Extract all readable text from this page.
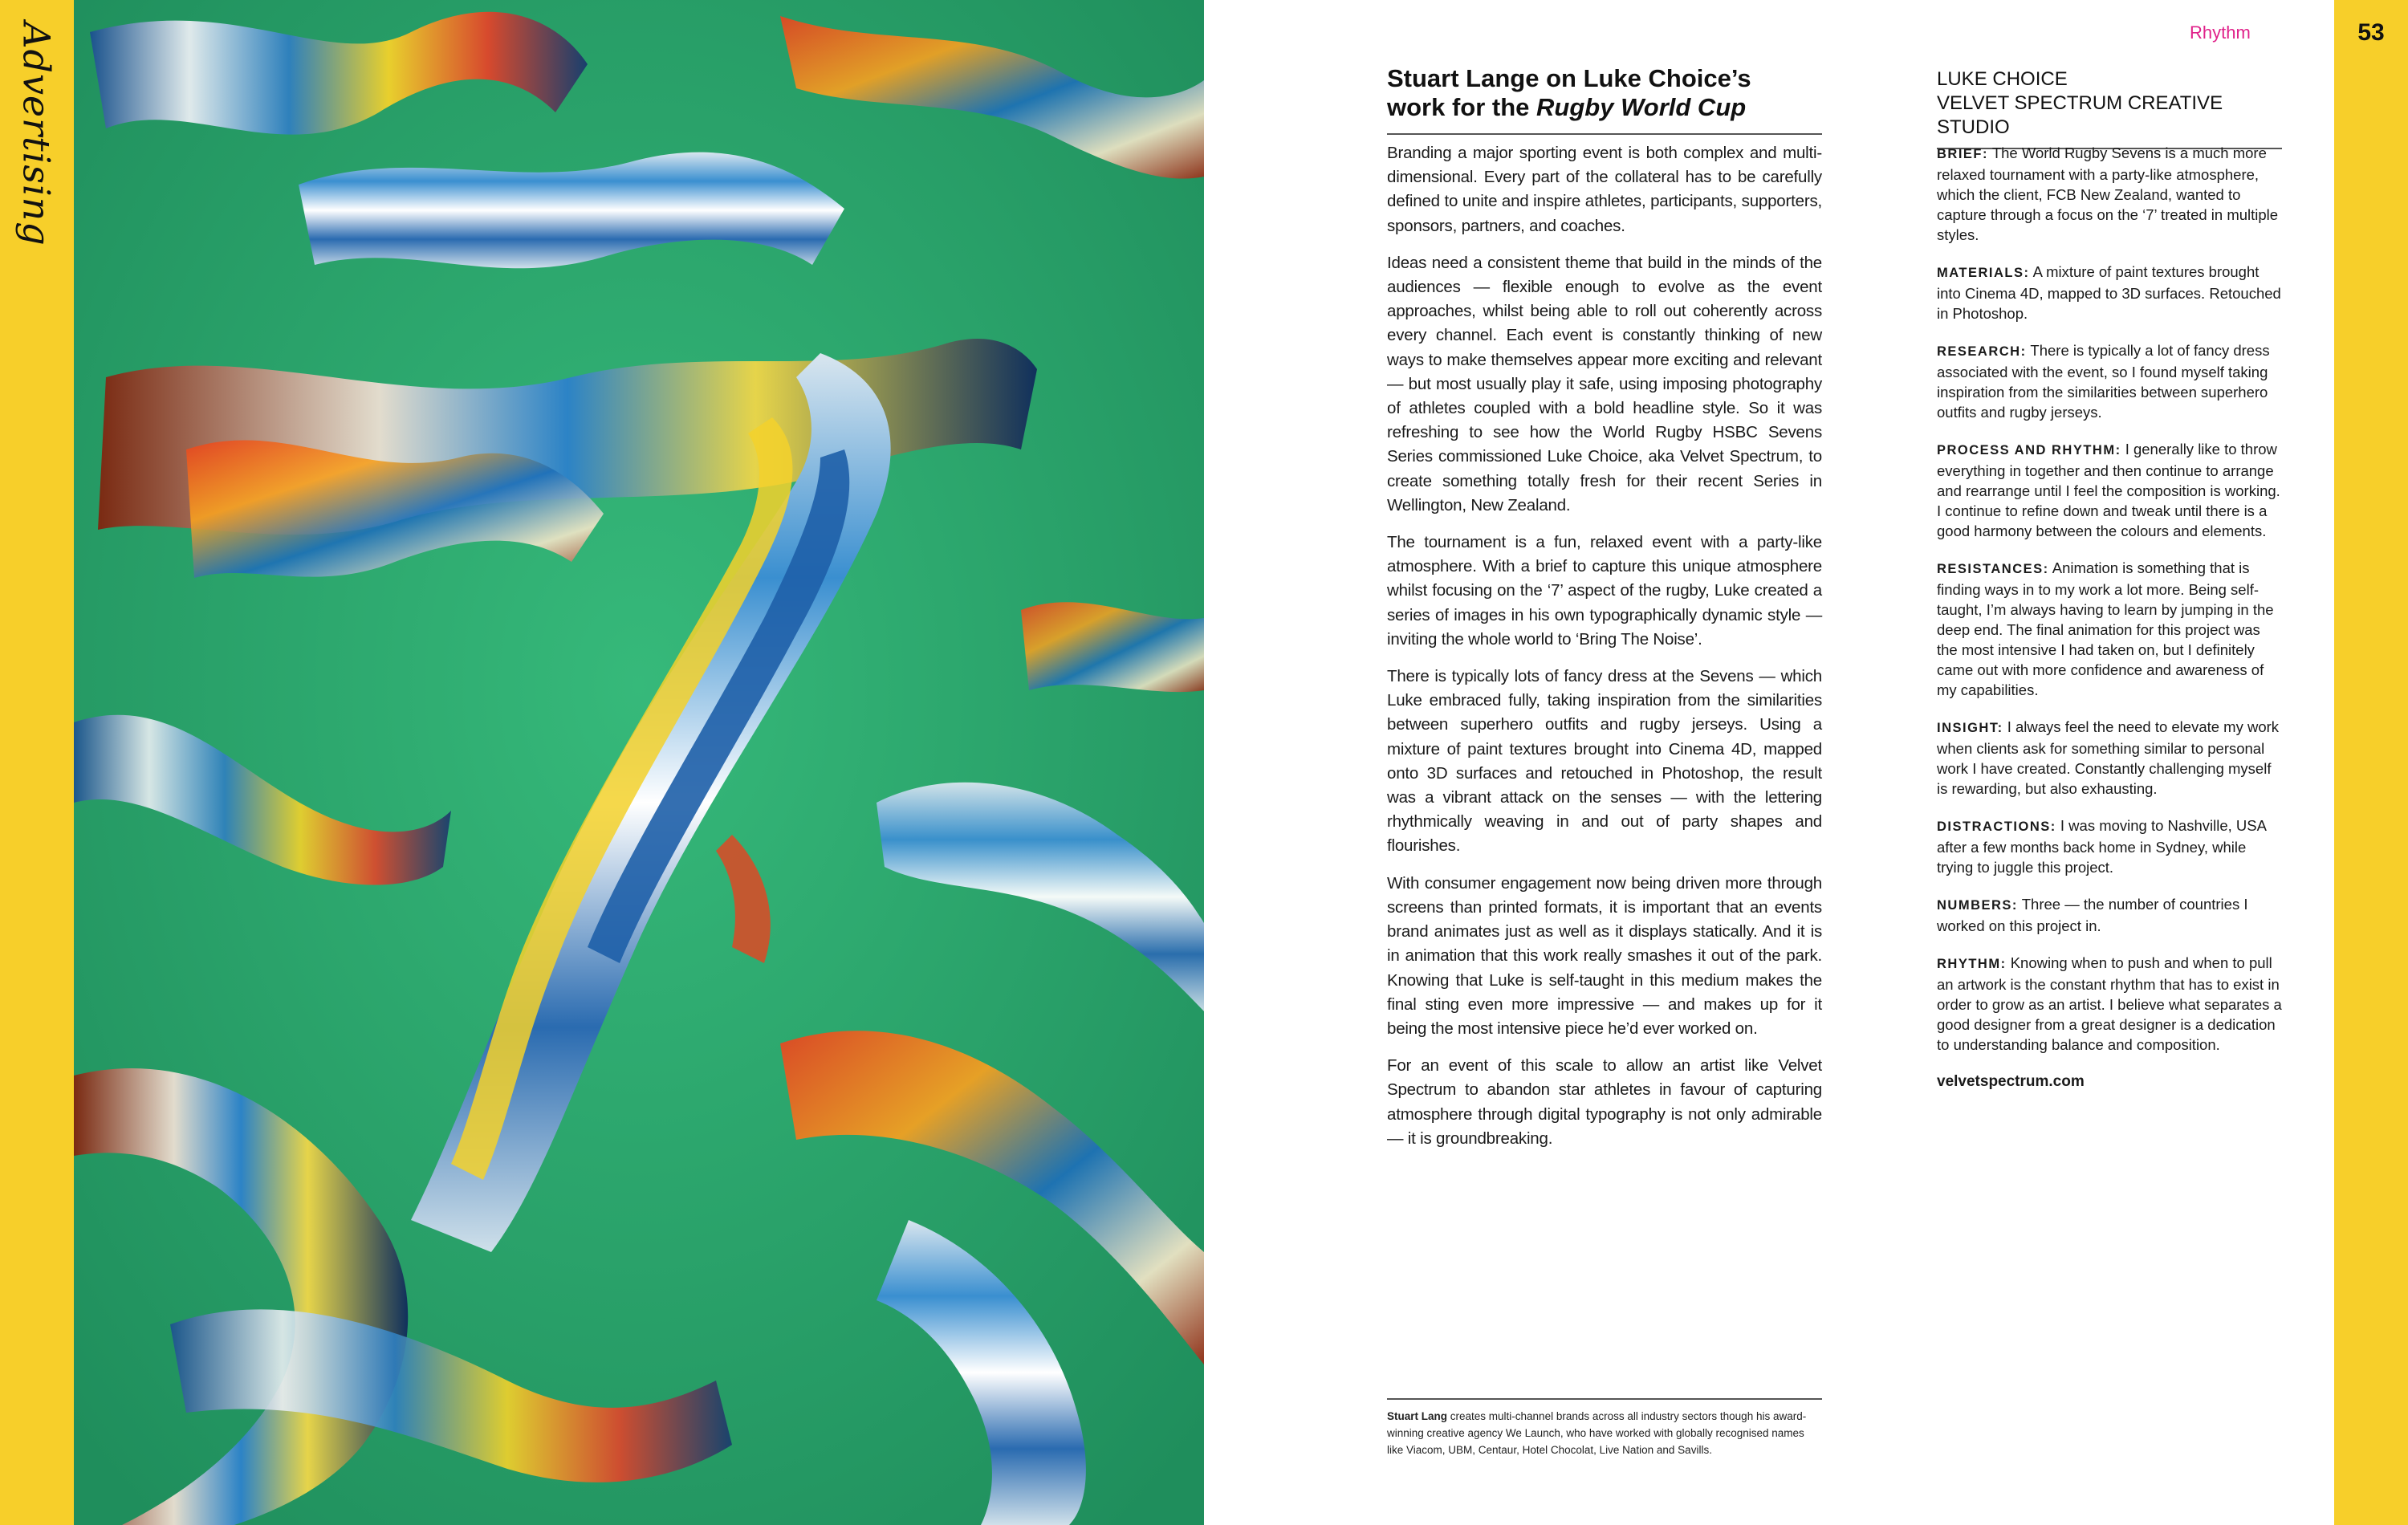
Advertising	Rhythm	53
Stuart Lange on Luke Choice’s
work for the Rugby World Cup

Branding a major sporting event is both complex and multi-dimensional. Every part of the collateral has to be carefully defined to unite and inspire athletes, participants, supporters, sponsors, partners, and coaches.

Ideas need a consistent theme that build in the minds of the audiences — flexible enough to evolve as the event approaches, whilst being able to roll out coherently across every channel. Each event is constantly thinking of new ways to make themselves appear more exciting and relevant — but most usually play it safe, using imposing photography of athletes coupled with a bold headline style. So it was refreshing to see how the World Rugby HSBC Sevens Series commissioned Luke Choice, aka Velvet Spectrum, to create something totally fresh for their recent Series in Wellington, New Zealand.

The tournament is a fun, relaxed event with a party-like atmosphere. With a brief to capture this unique atmosphere whilst focusing on the ‘7’ aspect of the rugby, Luke created a series of images in his own typographically dynamic style — inviting the whole world to ‘Bring The Noise’.

There is typically lots of fancy dress at the Sevens — which Luke embraced fully, taking inspiration from the similarities between superhero outfits and rugby jerseys. Using a mixture of paint textures brought into Cinema 4D, mapped onto 3D surfaces and retouched in Photoshop, the result was a vibrant attack on the senses — with the lettering rhythmically weaving in and out of party shapes and flourishes.

With consumer engagement now being driven more through screens than printed formats, it is important that an events brand animates just as well as it displays statically. And it is in animation that this work really smashes it out of the park. Knowing that Luke is self-taught in this medium makes the final sting even more impressive — and makes up for it being the most intensive piece he’d ever worked on.

For an event of this scale to allow an artist like Velvet Spectrum to abandon star athletes in favour of capturing atmosphere through digital typography is not only admirable — it is groundbreaking.

LUKE CHOICE
VELVET SPECTRUM CREATIVE STUDIO

BRIEF: The World Rugby Sevens is a much more relaxed tournament with a party-like atmosphere, which the client, FCB New Zealand, wanted to capture through a focus on the ‘7’ treated in multiple styles.

MATERIALS: A mixture of paint textures brought into Cinema 4D, mapped to 3D surfaces. Retouched in Photoshop.

RESEARCH: There is typically a lot of fancy dress associated with the event, so I found myself taking inspiration from the similarities between superhero outfits and rugby jerseys.

PROCESS AND RHYTHM: I generally like to throw everything in together and then continue to arrange and rearrange until I feel the composition is working. I continue to refine down and tweak until there is a good harmony between the colours and elements.

RESISTANCES: Animation is something that is finding ways in to my work a lot more. Being self-taught, I’m always having to learn by jumping in the deep end. The final animation for this project was the most intensive I had taken on, but I definitely came out with more confidence and awareness of my capabilities.

INSIGHT: I always feel the need to elevate my work when clients ask for something similar to personal work I have created. Constantly challenging myself is rewarding, but also exhausting.

DISTRACTIONS: I was moving to Nashville, USA after a few months back home in Sydney, while trying to juggle this project.

NUMBERS: Three — the number of countries I worked on this project in.

RHYTHM: Knowing when to push and when to pull an artwork is the constant rhythm that has to exist in order to grow as an artist. I believe what separates a good designer from a great designer is a dedication to understanding balance and composition.

velvetspectrum.com
Stuart Lang creates multi-channel brands across all industry sectors though his award-winning creative agency We Launch, who have worked with globally recognised names like Viacom, UBM, Centaur, Hotel Chocolat, Live Nation and Savills.
